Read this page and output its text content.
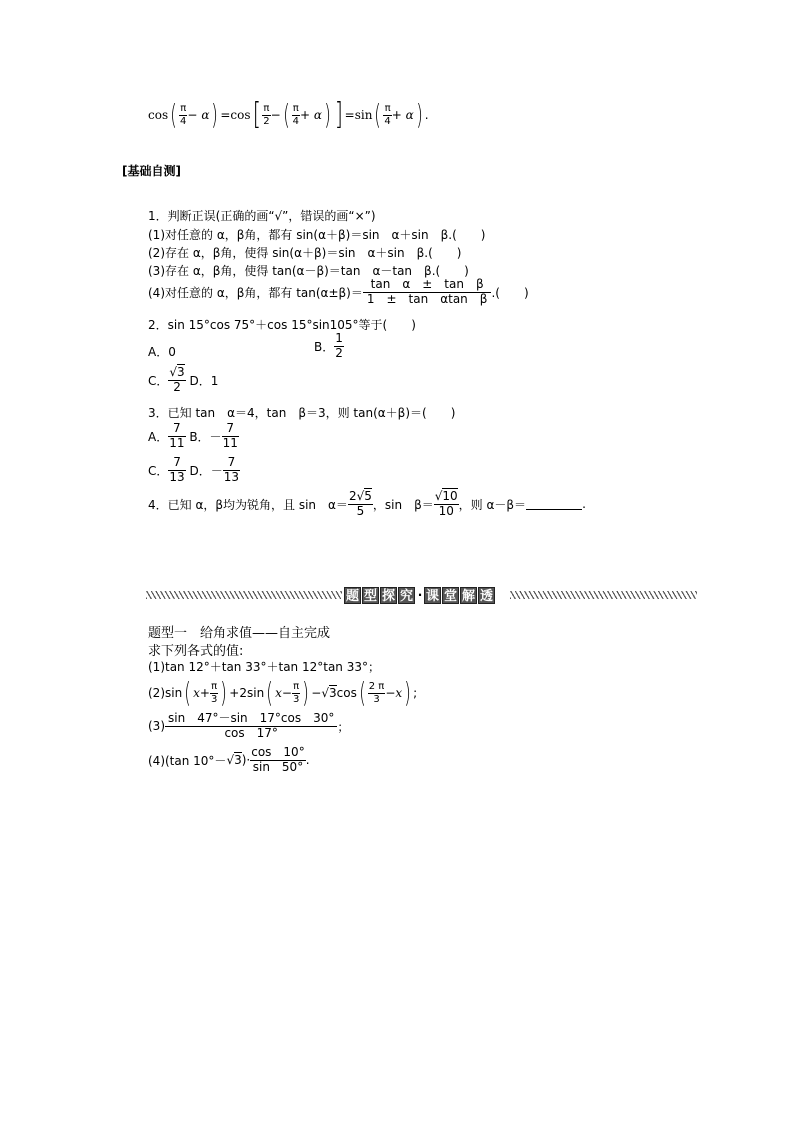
cos ( $\frac{\pi}{4}$ −
α ) = cos [ $\frac{\pi}{2}$ − ( $\frac{\pi}{4}$ +
α ) ] = sin ( $\frac{\pi}{4}$ +
α ) .
[基础自测]
1．判断正误(正确的画“√”，错误的画“×”)
(1)对任意的 α，β角，都有 sin(α＋β)＝sin　α＋sin　β.(　　)
(2)存在 α，β角，使得 sin(α＋β)＝sin　α＋sin　β.(　　)
(3)存在 α，β角，使得 tan(α－β)＝tan　α－tan　β.(　　)
(4)对任意的 α，β角，都有 $\tan(\alpha\pm\beta)= \frac{\text{tan　α　±　tan　β}}{\text{1　±　tan　αtan　β}}$ .(　　)
2．sin 15°cos 75°＋cos 15°sin105°等于(　　)
A．0	B． $\frac{1}{2}$
C． $\frac{√3}{2}$
D．1
3．已知 tan　α＝4，tan　β＝3，则 tan(α＋β)＝(　　)
A． $\frac{7}{11}$
B．－ $\frac{7}{11}$
C． $\frac{7}{13}$
D．－ $\frac{7}{13}$
4．已知 α，β均为锐角，且 sin　$\alpha= \frac{2√5}{5}$ ，sin　$\beta= \frac{√10}{10}$ ，则 α－β＝	.
题 型 探 究 · 课 堂 解 透
题型一　给角求值——自主完成
求下列各式的值:
(1)tan 12°＋tan 33°＋tan 12°tan 33°；
(2)sin ( $x + \frac{\pi}{3}$ ) +2sin ( $x - \frac{\pi}{3}$ ) −√3 cos ( $\frac{2 \pi}{3} - x$ ) ;
$(3) \frac{\sin 47^\circ-\sin 17^\circ\cos 30^\circ}{\cos 17^\circ}$ ；
(4)(tan 10°－ √3 )· $\frac{\cos 10^\circ}{\sin 50^\circ}$ .
